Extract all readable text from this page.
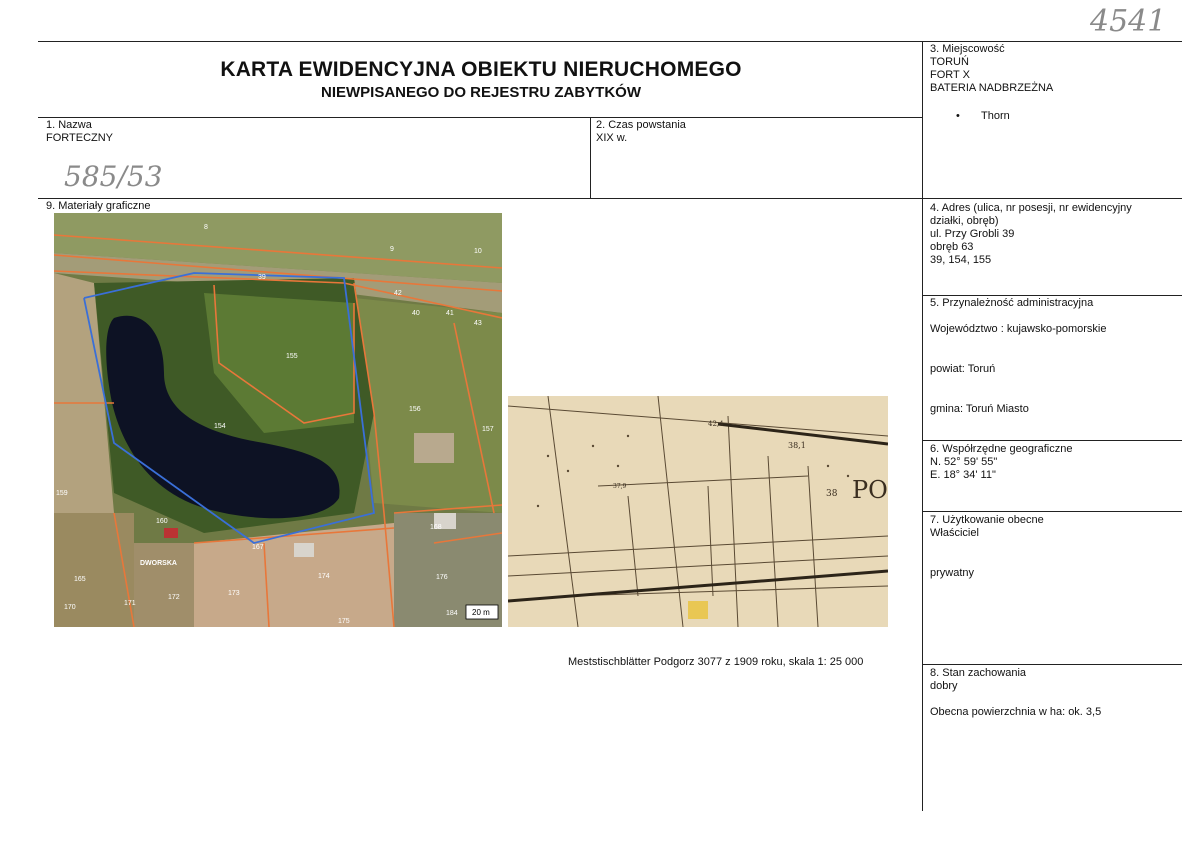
4541
585/53
KARTA EWIDENCYJNA OBIEKTU NIERUCHOMEGO
NIEWPISANEGO DO REJESTRU ZABYTKÓW
1. Nazwa
FORTECZNY
2. Czas powstania
XIX w.
3. Miejscowość
TORUŃ
FORT X
BATERIA NADBRZEŻNA
• Thorn
4. Adres (ulica, nr posesji, nr ewidencyjny
działki, obręb)
ul. Przy Grobli 39
obręb 63
39, 154, 155
5. Przynależność administracyjna
Województwo : kujawsko-pomorskie
powiat: Toruń
gmina: Toruń Miasto
6. Współrzędne geograficzne
N. 52° 59' 55"
E. 18° 34' 11"
7. Użytkowanie obecne
Właściciel
prywatny
8. Stan zachowania
dobry
Obecna powierzchnia w ha: ok. 3,5
9. Materiały graficzne
8
9	10
39
42
40	41
43
155
154
156
157
159
160
167
168
173
174
175
165
171
172
170
176
184
DWORSKA
20 m
42,4
38,1
38
37,9	PO
Meststischblätter Podgorz 3077 z 1909 roku, skala 1: 25 000
